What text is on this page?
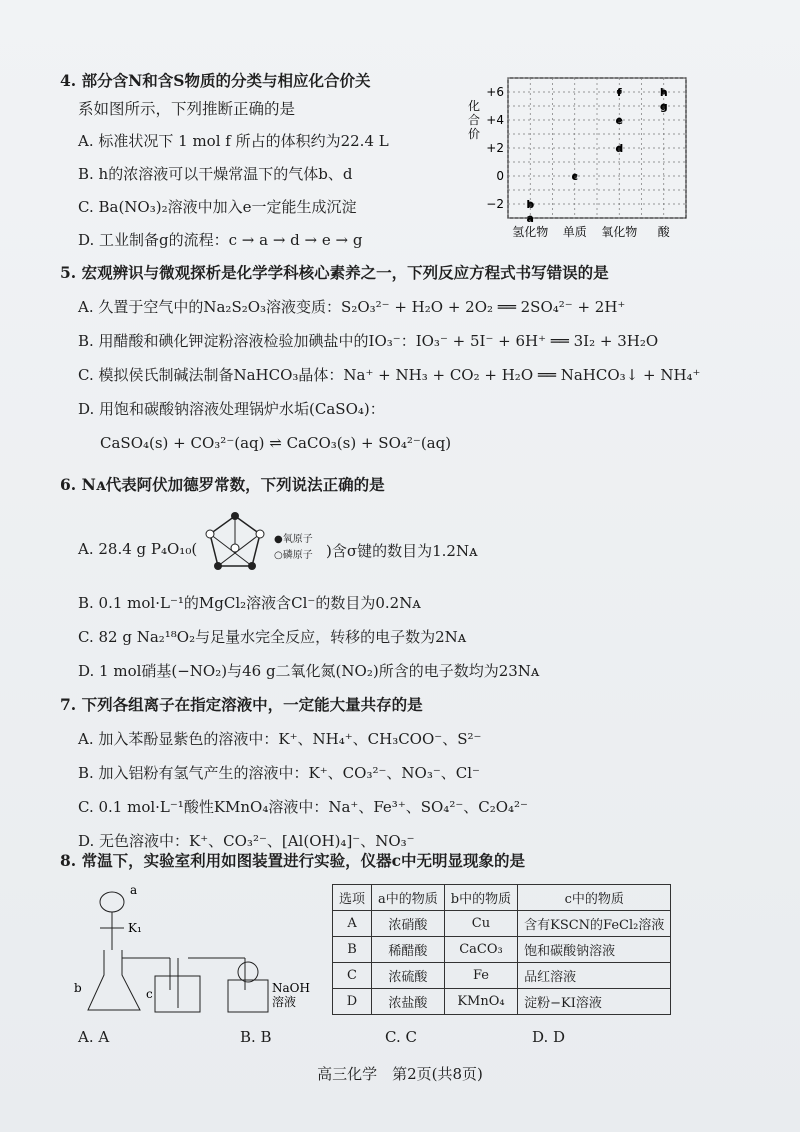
4. 部分含N和含S物质的分类与相应化合价关
系如图所示，下列推断正确的是
A. 标准状况下 1 mol f 所占的体积约为22.4 L
B. h的浓溶液可以干燥常温下的气体b、d
C. Ba(NO₃)₂溶液中加入e一定能生成沉淀
D. 工业制备g的流程：c → a → d → e → g
化
合
价
+6
+4
+2
0
−2
氢化物 单质 氧化物 酸
a
b
c
d
e
f	h
g
5. 宏观辨识与微观探析是化学学科核心素养之一，下列反应方程式书写错误的是
A. 久置于空气中的Na₂S₂O₃溶液变质：S₂O₃²⁻ + H₂O + 2O₂ ══ 2SO₄²⁻ + 2H⁺
B. 用醋酸和碘化钾淀粉溶液检验加碘盐中的IO₃⁻：IO₃⁻ + 5I⁻ + 6H⁺ ══ 3I₂ + 3H₂O
C. 模拟侯氏制碱法制备NaHCO₃晶体：Na⁺ + NH₃ + CO₂ + H₂O ══ NaHCO₃↓ + NH₄⁺
D. 用饱和碳酸钠溶液处理锅炉水垢(CaSO₄)：
CaSO₄(s) + CO₃²⁻(aq) ⇌ CaCO₃(s) + SO₄²⁻(aq)
6. Nᴀ代表阿伏加德罗常数，下列说法正确的是
A. 28.4 g P₄O₁₀(
●氧原子
○磷原子 )含σ键的数目为1.2Nᴀ
B. 0.1 mol·L⁻¹的MgCl₂溶液含Cl⁻的数目为0.2Nᴀ
C. 82 g Na₂¹⁸O₂与足量水完全反应，转移的电子数为2Nᴀ
D. 1 mol硝基(−NO₂)与46 g二氧化氮(NO₂)所含的电子数均为23Nᴀ
7. 下列各组离子在指定溶液中，一定能大量共存的是
A. 加入苯酚显紫色的溶液中：K⁺、NH₄⁺、CH₃COO⁻、S²⁻
B. 加入铝粉有氢气产生的溶液中：K⁺、CO₃²⁻、NO₃⁻、Cl⁻
C. 0.1 mol·L⁻¹酸性KMnO₄溶液中：Na⁺、Fe³⁺、SO₄²⁻、C₂O₄²⁻
D. 无色溶液中：K⁺、CO₃²⁻、[Al(OH)₄]⁻、NO₃⁻
8. 常温下，实验室利用如图装置进行实验，仪器c中无明显现象的是
a
K₁
b	c	NaOH
溶液
选项	a中的物质	b中的物质	c中的物质
A	浓硝酸	Cu	含有KSCN的FeCl₂溶液
B	稀醋酸	CaCO₃	饱和碳酸钠溶液
C	浓硫酸	Fe	品红溶液
D	浓盐酸	KMnO₄	淀粉−KI溶液
A. A	B. B	C. C	D. D
高三化学　第2页(共8页)
